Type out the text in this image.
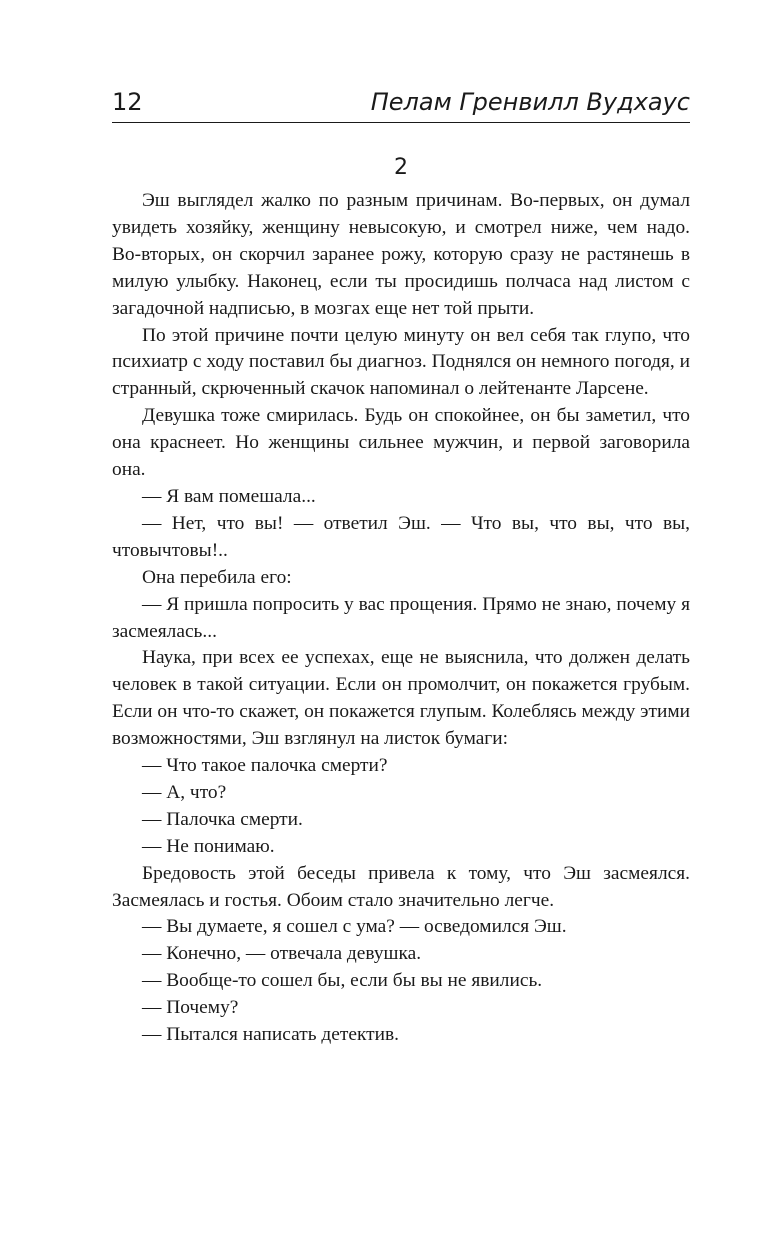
12	Пелам Гренвилл Вудхаус
2

Эш выглядел жалко по разным причинам. Во-первых, он думал увидеть хозяйку, женщину невысокую, и смотрел ниже, чем надо. Во-вторых, он скорчил заранее рожу, которую сразу не растянешь в милую улыбку. Наконец, если ты просидишь полчаса над листом с загадочной надписью, в мозгах еще нет той прыти.

По этой причине почти целую минуту он вел себя так глупо, что психиатр с ходу поставил бы диагноз. Поднялся он немного погодя, и странный, скрюченный скачок напоминал о лейтенанте Ларсене.

Девушка тоже смирилась. Будь он спокойнее, он бы заметил, что она краснеет. Но женщины сильнее мужчин, и первой заговорила она.

— Я вам помешала...

— Нет, что вы! — ответил Эш. — Что вы, что вы, что вы, чтовычтовы!..

Она перебила его:

— Я пришла попросить у вас прощения. Прямо не знаю, почему я засмеялась...

Наука, при всех ее успехах, еще не выяснила, что должен делать человек в такой ситуации. Если он промолчит, он покажется грубым. Если он что-то скажет, он покажется глупым. Колеблясь между этими возможностями, Эш взглянул на листок бумаги:

— Что такое палочка смерти?

— А, что?

— Палочка смерти.

— Не понимаю.

Бредовость этой беседы привела к тому, что Эш засмеялся. Засмеялась и гостья. Обоим стало значительно легче.

— Вы думаете, я сошел с ума? — осведомился Эш.

— Конечно, — отвечала девушка.

— Вообще-то сошел бы, если бы вы не явились.

— Почему?

— Пытался написать детектив.
